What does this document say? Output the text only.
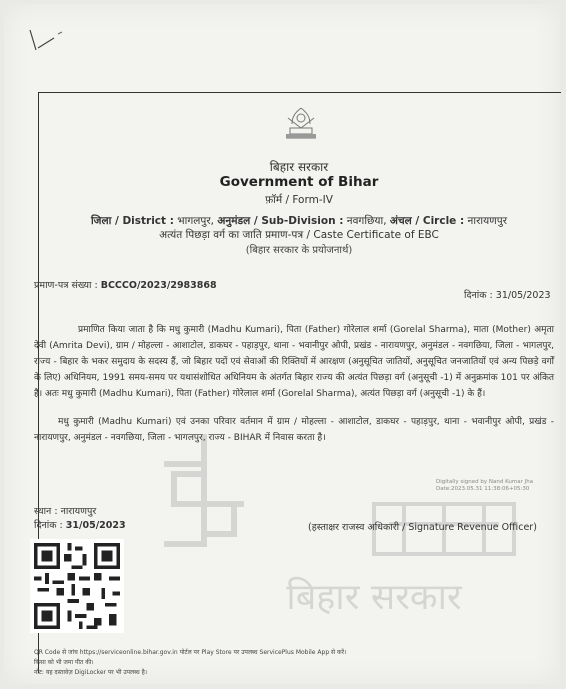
बिहार सरकार
Government of Bihar
फ़ॉर्म / Form-IV
जिला / District : भागलपुर, अनुमंडल / Sub-Division : नवगछिया, अंचल / Circle : नारायणपुर
अत्यंत पिछड़ा वर्ग का जाति प्रमाण-पत्र / Caste Certificate of EBC
(बिहार सरकार के प्रयोजनार्थ)
प्रमाण-पत्र संख्या : BCCCO/2023/2983868
दिनांक : 31/05/2023
प्रमाणित किया जाता है कि मधु कुमारी (Madhu Kumari), पिता (Father) गोरेलाल शर्मा (Gorelal Sharma), माता (Mother) अमृता देवी (Amrita Devi), ग्राम / मोहल्ला - आशाटोल, डाकघर - पहाड़पुर, थाना - भवानीपुर ओपी, प्रखंड - नारायणपुर, अनुमंडल - नवगछिया, जिला - भागलपुर, राज्य - बिहार के भकर समुदाय के सदस्य हैं, जो बिहार पदों एवं सेवाओं की रिक्तियों में आरक्षण (अनुसूचित जातियों, अनुसूचित जनजातियों एवं अन्य पिछड़े वर्गों के लिए) अधिनियम, 1991 समय-समय पर यथासंशोधित अधिनियम के अंतर्गत बिहार राज्य की अत्यंत पिछड़ा वर्ग (अनुसूची -1) में अनुक्रमांक 101 पर अंकित है। अतः मधु कुमारी (Madhu Kumari), पिता (Father) गोरेलाल शर्मा (Gorelal Sharma), अत्यंत पिछड़ा वर्ग (अनुसूची -1) के हैं।
मधु कुमारी (Madhu Kumari) एवं उनका परिवार वर्तमान में ग्राम / मोहल्ला - आशाटोल, डाकघर - पहाड़पुर, थाना - भवानीपुर ओपी, प्रखंड - नारायणपुर, अनुमंडल - नवगछिया, जिला - भागलपुर, राज्य - BIHAR में निवास करता है।
बिहार सरकार
Digitally signed by Nand Kumar Jha
Date:2023.05.31 11:38:06+05:30
स्थान : नारायणपुर
दिनांक : 31/05/2023	(हस्ताक्षर राजस्व अधिकारी / Signature Revenue Officer)
QR Code से जांच https://serviceonline.bihar.gov.in पोर्टल पर Play Store पर उपलब्ध ServicePlus Mobile App से करें।
किसा को भी जमा पीत की।
नोट: यह दस्तावेज़ DigiLocker पर भी उपलब्ध है।
